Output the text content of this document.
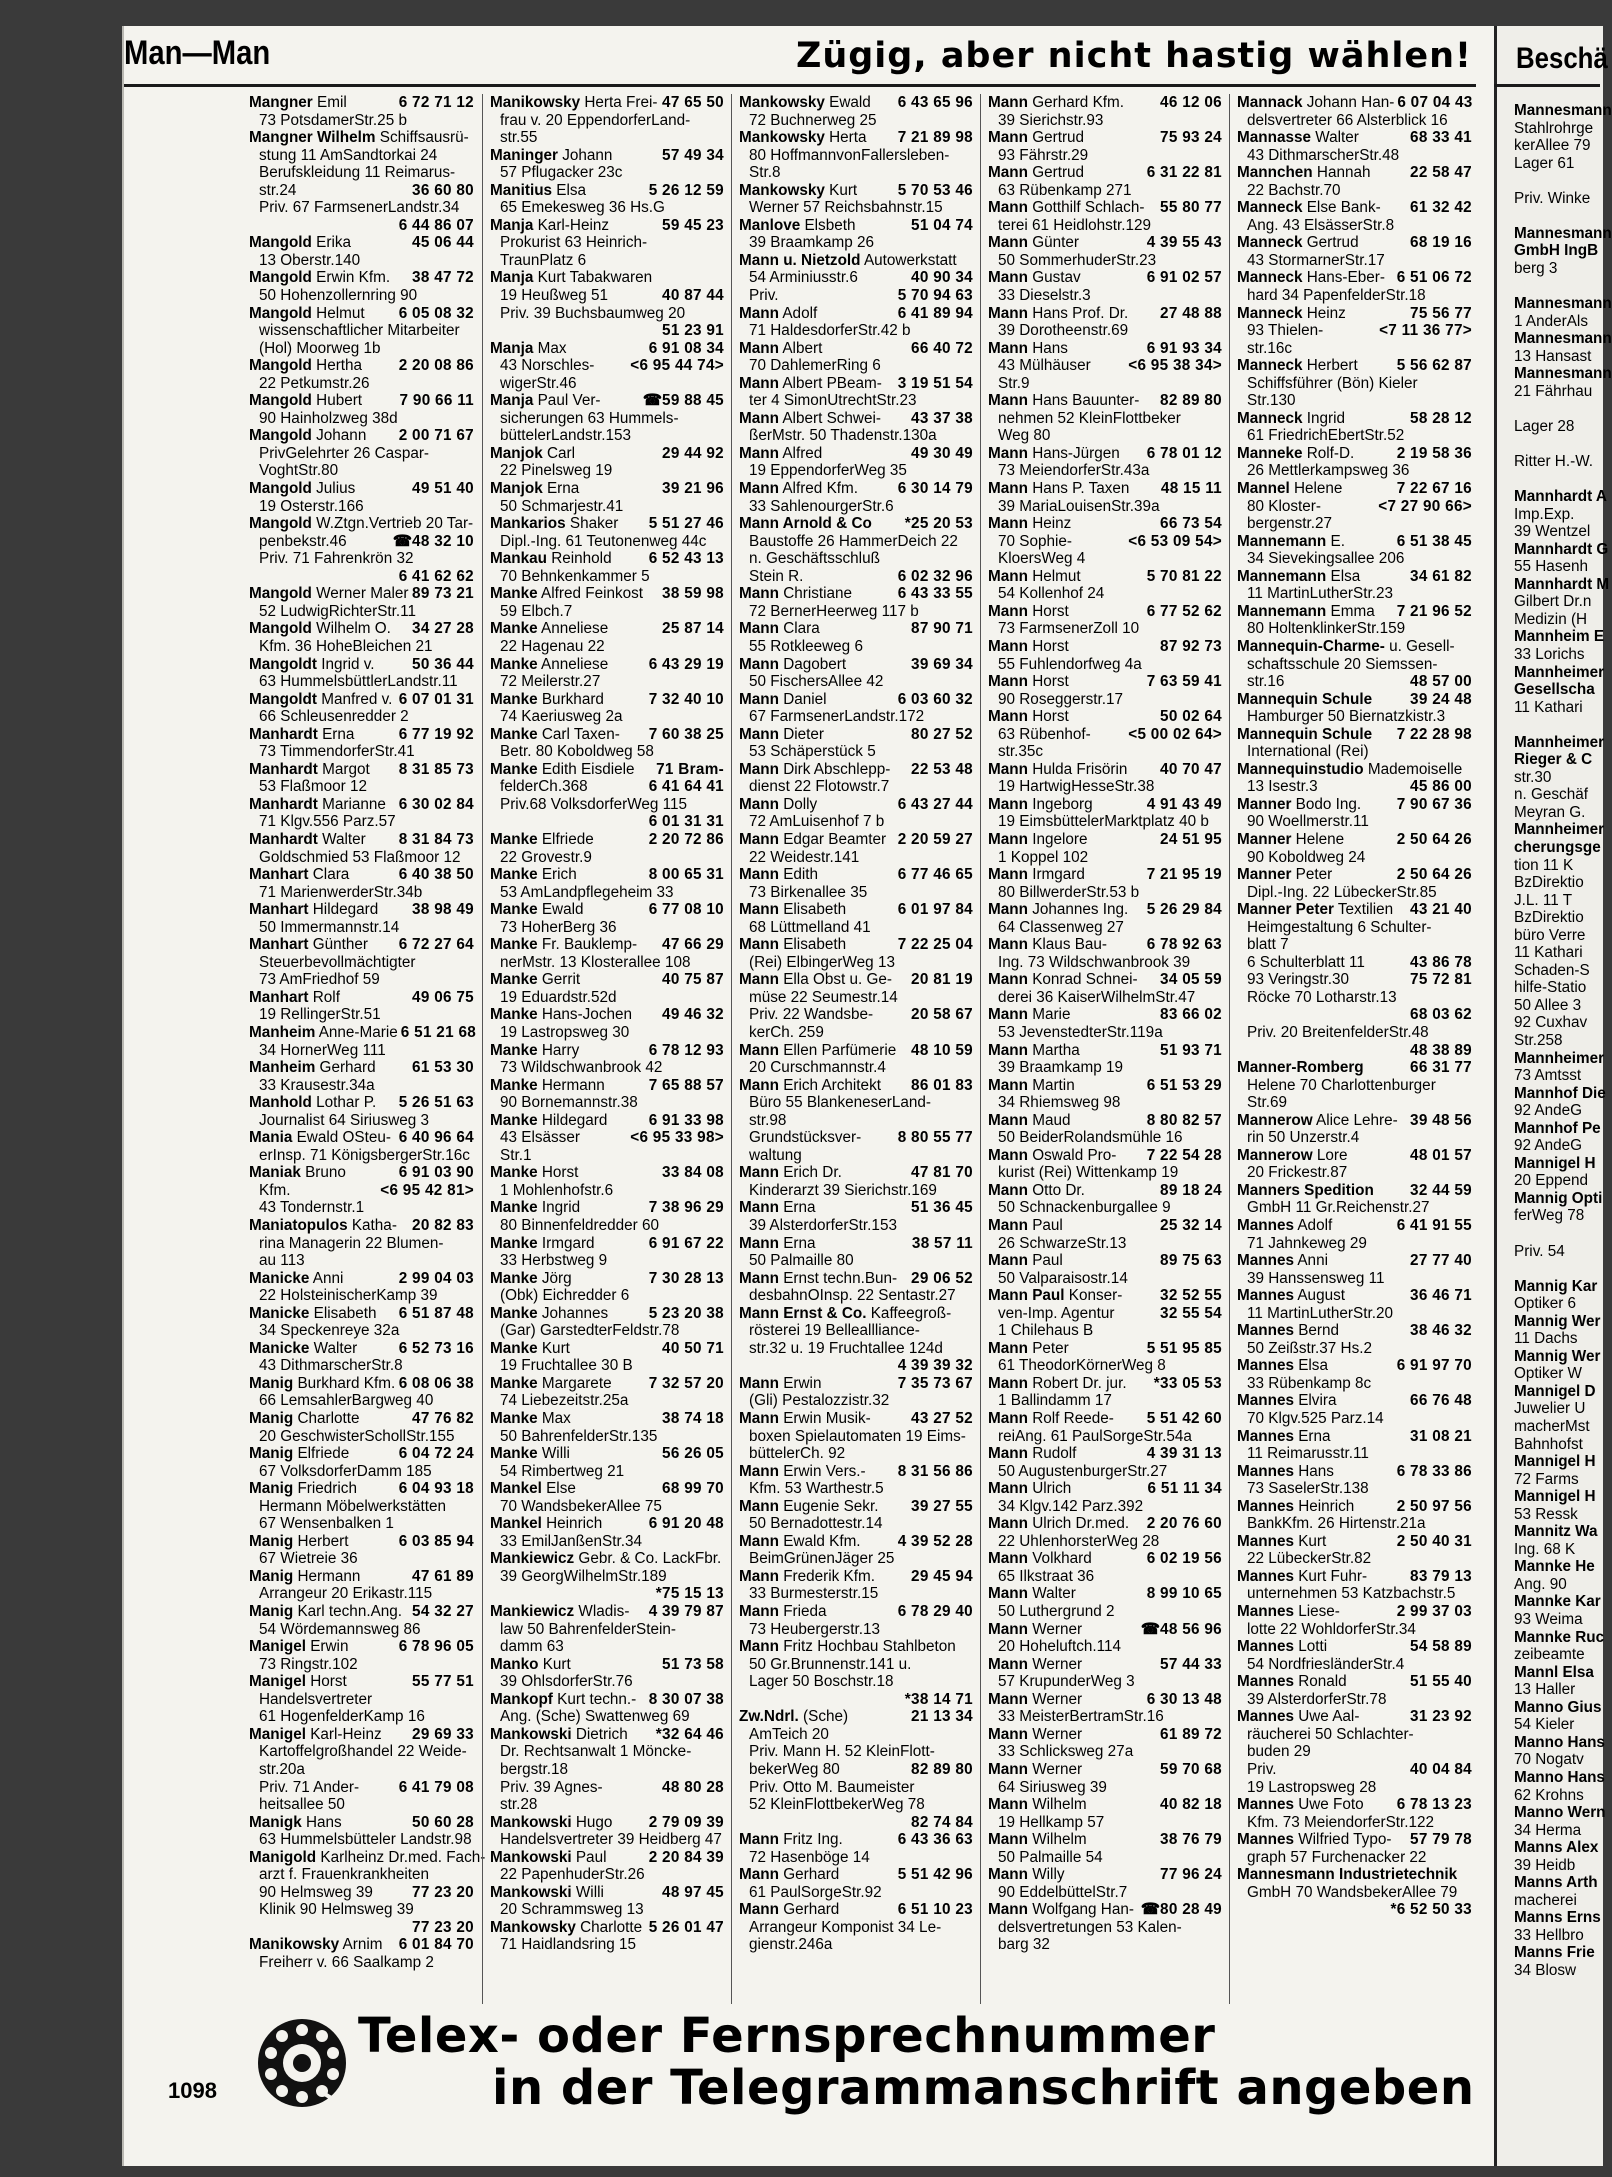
Man—Man	Zügig, aber nicht hastig wählen!
Mangner Emil	6 72 71 12
73 PotsdamerStr.25 b
Mangner Wilhelm Schiffsausrü-
stung 11 AmSandtorkai 24
Berufskleidung 11 Reimarus-
str.24	36 60 80
Priv. 67 FarmsenerLandstr.34
6 44 86 07
Mangold Erika	45 06 44
13 Oberstr.140
Mangold Erwin Kfm. 38 47 72
50 Hohenzollernring 90
Mangold Helmut 6 05 08 32
wissenschaftlicher Mitarbeiter
(Hol) Moorweg 1b
Mangold Hertha 2 20 08 86
22 Petkumstr.26
Mangold Hubert 7 90 66 11
90 Hainholzweg 38d
Mangold Johann 2 00 71 67
PrivGelehrter 26 Caspar-
VoghtStr.80
Mangold Julius	49 51 40
19 Osterstr.166
Mangold W.Ztgn.Vertrieb 20 Tar-
penbekstr.46	☎48 32 10
Priv. 71 Fahrenkrön 32
6 41 62 62
Mangold Werner Maler 89 73 21
52 LudwigRichterStr.11
Mangold Wilhelm O. 34 27 28
Kfm. 36 HoheBleichen 21
Mangoldt Ingrid v. 50 36 44
63 HummelsbüttlerLandstr.11
Mangoldt Manfred v. 6 07 01 31
66 Schleusenredder 2
Manhardt Erna	6 77 19 92
73 TimmendorferStr.41
Manhardt Margot 8 31 85 73
53 Flaßmoor 12
Manhardt Marianne 6 30 02 84
71 Klgv.556 Parz.57
Manhardt Walter 8 31 84 73
Goldschmied 53 Flaßmoor 12
Manhart Clara	6 40 38 50
71 MarienwerderStr.34b
Manhart Hildegard 38 98 49
50 Immermannstr.14
Manhart Günther 6 72 27 64
Steuerbevollmächtigter
73 AmFriedhof 59
Manhart Rolf	49 06 75
19 RellingerStr.51
Manheim Anne-Marie 6 51 21 68
34 HornerWeg 111
Manheim Gerhard 61 53 30
33 Krausestr.34a
Manhold Lothar P. 5 26 51 63
Journalist 64 Siriusweg 3
Mania Ewald OSteu- 6 40 96 64
erInsp. 71 KönigsbergerStr.16c
Maniak Bruno	6 91 03 90
Kfm.	<6 95 42 81>
43 Tondernstr.1
Maniatopulos Katha- 20 82 83
rina Managerin 22 Blumen-
au 113
Manicke Anni	2 99 04 03
22 HolsteinischerKamp 39
Manicke Elisabeth 6 51 87 48
34 Speckenreye 32a
Manicke Walter	6 52 73 16
43 DithmarscherStr.8
Manig Burkhard Kfm. 6 08 06 38
66 LemsahlerBargweg 40
Manig Charlotte	47 76 82
20 GeschwisterSchollStr.155
Manig Elfriede	6 04 72 24
67 VolksdorferDamm 185
Manig Friedrich	6 04 93 18
Hermann Möbelwerkstätten
67 Wensenbalken 1
Manig Herbert	6 03 85 94
67 Wietreie 36
Manig Hermann	47 61 89
Arrangeur 20 Erikastr.115
Manig Karl techn.Ang. 54 32 27
54 Wördemannsweg 86
Manigel Erwin	6 78 96 05
73 Ringstr.102
Manigel Horst	55 77 51
Handelsvertreter
61 HogenfelderKamp 16
Manigel Karl-Heinz 29 69 33
Kartoffelgroßhandel 22 Weide-
str.20a
Priv. 71 Ander-	6 41 79 08
heitsallee 50
Manigk Hans	50 60 28
63 Hummelsbütteler Landstr.98
Manigold Karlheinz Dr.med. Fach-
arzt f. Frauenkrankheiten
90 Helmsweg 39	77 23 20
Klinik 90 Helmsweg 39
77 23 20
Manikowsky Arnim 6 01 84 70
Freiherr v. 66 Saalkamp 2
Manikowsky Herta Frei- 47 65 50
frau v. 20 EppendorferLand-
str.55
Maninger Johann	57 49 34
57 Pflugacker 23c
Manitius Elsa	5 26 12 59
65 Emekesweg 36 Hs.G
Manja Karl-Heinz	59 45 23
Prokurist 63 Heinrich-
TraunPlatz 6
Manja Kurt Tabakwaren
19 Heußweg 51	40 87 44
Priv. 39 Buchsbaumweg 20
51 23 91
Manja Max	6 91 08 34
43 Norschles- <6 95 44 74>
wigerStr.46
Manja Paul Ver-	☎59 88 45
sicherungen 63 Hummels-
büttelerLandstr.153
Manjok Carl	29 44 92
22 Pinelsweg 19
Manjok Erna	39 21 96
50 Schmarjestr.41
Mankarios Shaker 5 51 27 46
Dipl.-Ing. 61 Teutonenweg 44c
Mankau Reinhold 6 52 43 13
70 Behnkenkammer 5
Manke Alfred Feinkost 38 59 98
59 Elbch.7
Manke Anneliese	25 87 14
22 Hagenau 22
Manke Anneliese	6 43 29 19
72 Meilerstr.27
Manke Burkhard	7 32 40 10
74 Kaeriusweg 2a
Manke Carl Taxen- 7 60 38 25
Betr. 80 Koboldweg 58
Manke Edith Eisdiele 71 Bram-
felderCh.368	6 41 64 41
Priv.68 VolksdorferWeg 115
6 01 31 31
Manke Elfriede	2 20 72 86
22 Grovestr.9
Manke Erich	8 00 65 31
53 AmLandpflegeheim 33
Manke Ewald	6 77 08 10
73 HoherBerg 36
Manke Fr. Bauklemp- 47 66 29
nerMstr. 13 Klosterallee 108
Manke Gerrit	40 75 87
19 Eduardstr.52d
Manke Hans-Jochen 49 46 32
19 Lastropsweg 30
Manke Harry	6 78 12 93
73 Wildschwanbrook 42
Manke Hermann	7 65 88 57
90 Bornemannstr.38
Manke Hildegard	6 91 33 98
43 Elsässer	<6 95 33 98>
Str.1
Manke Horst	33 84 08
1 Mohlenhofstr.6
Manke Ingrid	7 38 96 29
80 Binnenfeldredder 60
Manke Irmgard	6 91 67 22
33 Herbstweg 9
Manke Jörg	7 30 28 13
(Obk) Eichredder 6
Manke Johannes	5 23 20 38
(Gar) GarstedterFeldstr.78
Manke Kurt	40 50 71
19 Fruchtallee 30 B
Manke Margarete 7 32 57 20
74 Liebezeitstr.25a
Manke Max	38 74 18
50 BahrenfelderStr.135
Manke Willi	56 26 05
54 Rimbertweg 21
Mankel Else	68 99 70
70 WandsbekerAllee 75
Mankel Heinrich	6 91 20 48
33 EmilJanßenStr.34
Mankiewicz Gebr. & Co. LackFbr.
39 GeorgWilhelmStr.189
*75 15 13
Mankiewicz Wladis- 4 39 79 87
law 50 BahrenfelderStein-
damm 63
Manko Kurt	51 73 58
39 OhlsdorferStr.76
Mankopf Kurt techn.- 8 30 07 38
Ang. (Sche) Swattenweg 69
Mankowski Dietrich *32 64 46
Dr. Rechtsanwalt 1 Möncke-
bergstr.18
Priv. 39 Agnes-	48 80 28
str.28
Mankowski Hugo 2 79 09 39
Handelsvertreter 39 Heidberg 47
Mankowski Paul	2 20 84 39
22 PapenhuderStr.26
Mankowski Willi	48 97 45
20 Schrammsweg 13
Mankowsky Charlotte 5 26 01 47
71 Haidlandsring 15
Mankowsky Ewald 6 43 65 96
72 Buchnerweg 25
Mankowsky Herta 7 21 89 98
80 HoffmannvonFallersleben-
Str.8
Mankowsky Kurt	5 70 53 46
Werner 57 Reichsbahnstr.15
Manlove Elsbeth	51 04 74
39 Braamkamp 26
Mann u. Nietzold Autowerkstatt
54 Arminiusstr.6	40 90 34
Priv.	5 70 94 63
Mann Adolf	6 41 89 94
71 HaldesdorferStr.42 b
Mann Albert	66 40 72
70 DahlemerRing 6
Mann Albert PBeam- 3 19 51 54
ter 4 SimonUtrechtStr.23
Mann Albert Schwei- 43 37 38
ßerMstr. 50 Thadenstr.130a
Mann Alfred	49 30 49
19 EppendorferWeg 35
Mann Alfred Kfm.	6 30 14 79
33 SahlenourgerStr.6
Mann Arnold & Co *25 20 53
Baustoffe 26 HammerDeich 22
n. Geschäftsschluß
Stein R.	6 02 32 96
Mann Christiane	6 43 33 55
72 BernerHeerweg 117 b
Mann Clara	87 90 71
55 Rotkleeweg 6
Mann Dagobert	39 69 34
50 FischersAllee 42
Mann Daniel	6 03 60 32
67 FarmsenerLandstr.172
Mann Dieter	80 27 52
53 Schäperstück 5
Mann Dirk Abschlepp- 22 53 48
dienst 22 Flotowstr.7
Mann Dolly	6 43 27 44
72 AmLuisenhof 7 b
Mann Edgar Beamter 2 20 59 27
22 Weidestr.141
Mann Edith	6 77 46 65
73 Birkenallee 35
Mann Elisabeth	6 01 97 84
68 Lüttmelland 41
Mann Elisabeth	7 22 25 04
(Rei) ElbingerWeg 13
Mann Ella Obst u. Ge- 20 81 19
müse 22 Seumestr.14
Priv. 22 Wandsbe- 20 58 67
kerCh. 259
Mann Ellen Parfümerie 48 10 59
20 Curschmannstr.4
Mann Erich Architekt 86 01 83
Büro 55 BlankeneserLand-
str.98
Grundstücksver- 8 80 55 77
waltung
Mann Erich Dr.	47 81 70
Kinderarzt 39 Sierichstr.169
Mann Erna	51 36 45
39 AlsterdorferStr.153
Mann Erna	38 57 11
50 Palmaille 80
Mann Ernst techn.Bun- 29 06 52
desbahnOInsp. 22 Sentastr.27
Mann Ernst & Co. Kaffeegroß-
rösterei 19 Belleallliance-
str.32 u. 19 Fruchtallee 124d
4 39 39 32
Mann Erwin	7 35 73 67
(Gli) Pestalozzistr.32
Mann Erwin Musik-	43 27 52
boxen Spielautomaten 19 Eims-
büttelerCh. 92
Mann Erwin Vers.- 8 31 56 86
Kfm. 53 Warthestr.5
Mann Eugenie Sekr. 39 27 55
50 Bernadottestr.14
Mann Ewald Kfm. 4 39 52 28
BeimGrünenJäger 25
Mann Frederik Kfm. 29 45 94
33 Burmesterstr.15
Mann Frieda	6 78 29 40
73 Heubergerstr.13
Mann Fritz Hochbau Stahlbeton
50 Gr.Brunnenstr.141 u.
Lager 50 Boschstr.18
*38 14 71
Zw.Ndrl. (Sche)	21 13 34
AmTeich 20
Priv. Mann H. 52 KleinFlott-
bekerWeg 80	82 89 80
Priv. Otto M. Baumeister
52 KleinFlottbekerWeg 78
82 74 84
Mann Fritz Ing.	6 43 36 63
72 Hasenböge 14
Mann Gerhard	5 51 42 96
61 PaulSorgeStr.92
Mann Gerhard	6 51 10 23
Arrangeur Komponist 34 Le-
gienstr.246a
Mann Gerhard Kfm. 46 12 06
39 Sierichstr.93
Mann Gertrud	75 93 24
93 Fährstr.29
Mann Gertrud	6 31 22 81
63 Rübenkamp 271
Mann Gotthilf Schlach- 55 80 77
terei 61 Heidlohstr.129
Mann Günter	4 39 55 43
50 SommerhuderStr.23
Mann Gustav	6 91 02 57
33 Dieselstr.3
Mann Hans Prof. Dr. 27 48 88
39 Dorotheenstr.69
Mann Hans	6 91 93 34
43 Mülhäuser <6 95 38 34>
Str.9
Mann Hans Bauunter- 82 89 80
nehmen 52 KleinFlottbeker
Weg 80
Mann Hans-Jürgen 6 78 01 12
73 MeiendorferStr.43a
Mann Hans P. Taxen 48 15 11
39 MariaLouisenStr.39a
Mann Heinz	66 73 54
70 Sophie-	<6 53 09 54>
KloersWeg 4
Mann Helmut	5 70 81 22
54 Kollenhof 24
Mann Horst	6 77 52 62
73 FarmsenerZoll 10
Mann Horst	87 92 73
55 Fuhlendorfweg 4a
Mann Horst	7 63 59 41
90 Roseggerstr.17
Mann Horst	50 02 64
63 Rübenhof- <5 00 02 64>
str.35c
Mann Hulda Frisörin 40 70 47
19 HartwigHesseStr.38
Mann Ingeborg	4 91 43 49
19 EimsbüttelerMarktplatz 40 b
Mann Ingelore	24 51 95
1 Koppel 102
Mann Irmgard	7 21 95 19
80 BillwerderStr.53 b
Mann Johannes Ing. 5 26 29 84
64 Classenweg 27
Mann Klaus Bau-	6 78 92 63
Ing. 73 Wildschwanbrook 39
Mann Konrad Schnei- 34 05 59
derei 36 KaiserWilhelmStr.47
Mann Marie	83 66 02
53 JevenstedterStr.119a
Mann Martha	51 93 71
39 Braamkamp 19
Mann Martin	6 51 53 29
34 Rhiemsweg 98
Mann Maud	8 80 82 57
50 BeiderRolandsmühle 16
Mann Oswald Pro- 7 22 54 28
kurist (Rei) Wittenkamp 19
Mann Otto Dr.	89 18 24
50 Schnackenburgallee 9
Mann Paul	25 32 14
26 SchwarzeStr.13
Mann Paul	89 75 63
50 Valparaisostr.14
Mann Paul Konser- 32 52 55
ven-Imp. Agentur	32 55 54
1 Chilehaus B
Mann Peter	5 51 95 85
61 TheodorKörnerWeg 8
Mann Robert Dr. jur. *33 05 53
1 Ballindamm 17
Mann Rolf Reede- 5 51 42 60
reiAng. 61 PaulSorgeStr.54a
Mann Rudolf	4 39 31 13
50 AugustenburgerStr.27
Mann Ulrich	6 51 11 34
34 Klgv.142 Parz.392
Mann Ulrich Dr.med. 2 20 76 60
22 UhlenhorsterWeg 28
Mann Volkhard	6 02 19 56
65 Ilkstraat 36
Mann Walter	8 99 10 65
50 Luthergrund 2
Mann Werner	☎48 56 96
20 Hoheluftch.114
Mann Werner	57 44 33
57 KrupunderWeg 3
Mann Werner	6 30 13 48
33 MeisterBertramStr.16
Mann Werner	61 89 72
33 Schlicksweg 27a
Mann Werner	59 70 68
64 Siriusweg 39
Mann Wilhelm	40 82 18
19 Hellkamp 57
Mann Wilhelm	38 76 79
50 Palmaille 54
Mann Willy	77 96 24
90 EddelbüttelStr.7
Mann Wolfgang Han- ☎80 28 49
delsvertretungen 53 Kalen-
barg 32
Mannack Johann Han- 6 07 04 43
delsvertreter 66 Alsterblick 16
Mannasse Walter	68 33 41
43 DithmarscherStr.48
Mannchen Hannah	22 58 47
22 Bachstr.70
Manneck Else Bank- 61 32 42
Ang. 43 ElsässerStr.8
Manneck Gertrud	68 19 16
43 StormarnerStr.17
Manneck Hans-Eber- 6 51 06 72
hard 34 PapenfelderStr.18
Manneck Heinz	75 56 77
93 Thielen-	<7 11 36 77>
str.16c
Manneck Herbert	5 56 62 87
Schiffsführer (Bön) Kieler
Str.130
Manneck Ingrid	58 28 12
61 FriedrichEbertStr.52
Manneke Rolf-D.	2 19 58 36
26 Mettlerkampsweg 36
Mannel Helene	7 22 67 16
80 Kloster-	<7 27 90 66>
bergenstr.27
Mannemann E.	6 51 38 45
34 Sievekingsallee 206
Mannemann Elsa	34 61 82
11 MartinLutherStr.23
Mannemann Emma 7 21 96 52
80 HoltenklinkerStr.159
Mannequin-Charme- u. Gesell-
schaftsschule 20 Siemssen-
str.16	48 57 00
Mannequin Schule 39 24 48
Hamburger 50 Biernatzkistr.3
Mannequin Schule 7 22 28 98
International (Rei)
Mannequinstudio Mademoiselle
13 Isestr.3	45 86 00
Manner Bodo Ing. 7 90 67 36
90 Woellmerstr.11
Manner Helene	2 50 64 26
90 Koboldweg 24
Manner Peter	2 50 64 26
Dipl.-Ing. 22 LübeckerStr.85
Manner Peter Textilien 43 21 40
Heimgestaltung 6 Schulter-
blatt 7
6 Schulterblatt 11	43 86 78
93 Veringstr.30	75 72 81
Röcke 70 Lotharstr.13
68 03 62
Priv. 20 BreitenfelderStr.48
48 38 89
Manner-Romberg	66 31 77
Helene 70 Charlottenburger
Str.69
Mannerow Alice Lehre- 39 48 56
rin 50 Unzerstr.4
Mannerow Lore	48 01 57
20 Frickestr.87
Manners Spedition 32 44 59
GmbH 11 Gr.Reichenstr.27
Mannes Adolf	6 41 91 55
71 Jahnkeweg 29
Mannes Anni	27 77 40
39 Hanssensweg 11
Mannes August	36 46 71
11 MartinLutherStr.20
Mannes Bernd	38 46 32
50 Zeißstr.37 Hs.2
Mannes Elsa	6 91 97 70
33 Rübenkamp 8c
Mannes Elvira	66 76 48
70 Klgv.525 Parz.14
Mannes Erna	31 08 21
11 Reimarusstr.11
Mannes Hans	6 78 33 86
73 SaselerStr.138
Mannes Heinrich	2 50 97 56
BankKfm. 26 Hirtenstr.21a
Mannes Kurt	2 50 40 31
22 LübeckerStr.82
Mannes Kurt Fuhr-	83 79 13
unternehmen 53 Katzbachstr.5
Mannes Liese-	2 99 37 03
lotte 22 WohldorferStr.34
Mannes Lotti	54 58 89
54 NordfriesländerStr.4
Mannes Ronald	51 55 40
39 AlsterdorferStr.78
Mannes Uwe Aal-	31 23 92
räucherei 50 Schlachter-
buden 29
Priv.	40 04 84
19 Lastropsweg 28
Mannes Uwe Foto 6 78 13 23
Kfm. 73 MeiendorferStr.122
Mannes Wilfried Typo- 57 79 78
graph 57 Furchenacker 22
Mannesmann Industrietechnik
GmbH 70 WandsbekerAllee 79
*6 52 50 33
Beschä
Mannesmann
Stahlrohrge
kerAllee 79
Lager 61

Priv. Winke

Mannesmann
GmbH IngB
berg 3

Mannesmann
1 AnderAls
Mannesmann
13 Hansast
Mannesmann
21 Fährhau

Lager 28

Ritter H.-W.

Mannhardt A
Imp.Exp.
39 Wentzel
Mannhardt G
55 Hasenh
Mannhardt M
Gilbert Dr.n
Medizin (H
Mannheim E
33 Lorichs
Mannheimer
Gesellscha
11 Kathari

Mannheimer
Rieger & C
str.30
n. Geschäf
Meyran G.
Mannheimer
cherungsge
tion 11 K
BzDirektio
J.L. 11 T
BzDirektio
büro Verre
11 Kathari
Schaden-S
hilfe-Statio
50 Allee 3
92 Cuxhav
Str.258
Mannheimer
73 Amtsst
Mannhof Die
92 AndeG
Mannhof Pe
92 AndeG
Mannigel H
20 Eppend
Mannig Opti
ferWeg 78

Priv. 54

Mannig Kar
Optiker 6
Mannig Wer
11 Dachs
Mannig Wer
Optiker W
Mannigel D
Juwelier U
macherMst
Bahnhofst
Mannigel H
72 Farms
Mannigel H
53 Ressk
Mannitz Wa
Ing. 68 K
Mannke He
Ang. 90
Mannke Kar
93 Weima
Mannke Ruc
zeibeamte
Mannl Elsa
13 Haller
Manno Gius
54 Kieler
Manno Hans
70 Nogatv
Manno Hans
62 Krohns
Manno Wern
34 Herma
Manns Alex
39 Heidb
Manns Arth
macherei
Manns Erns
33 Hellbro
Manns Frie
34 Blosw
Telex- oder Fernsprechnummer
in der Telegrammanschrift angeben
1098
